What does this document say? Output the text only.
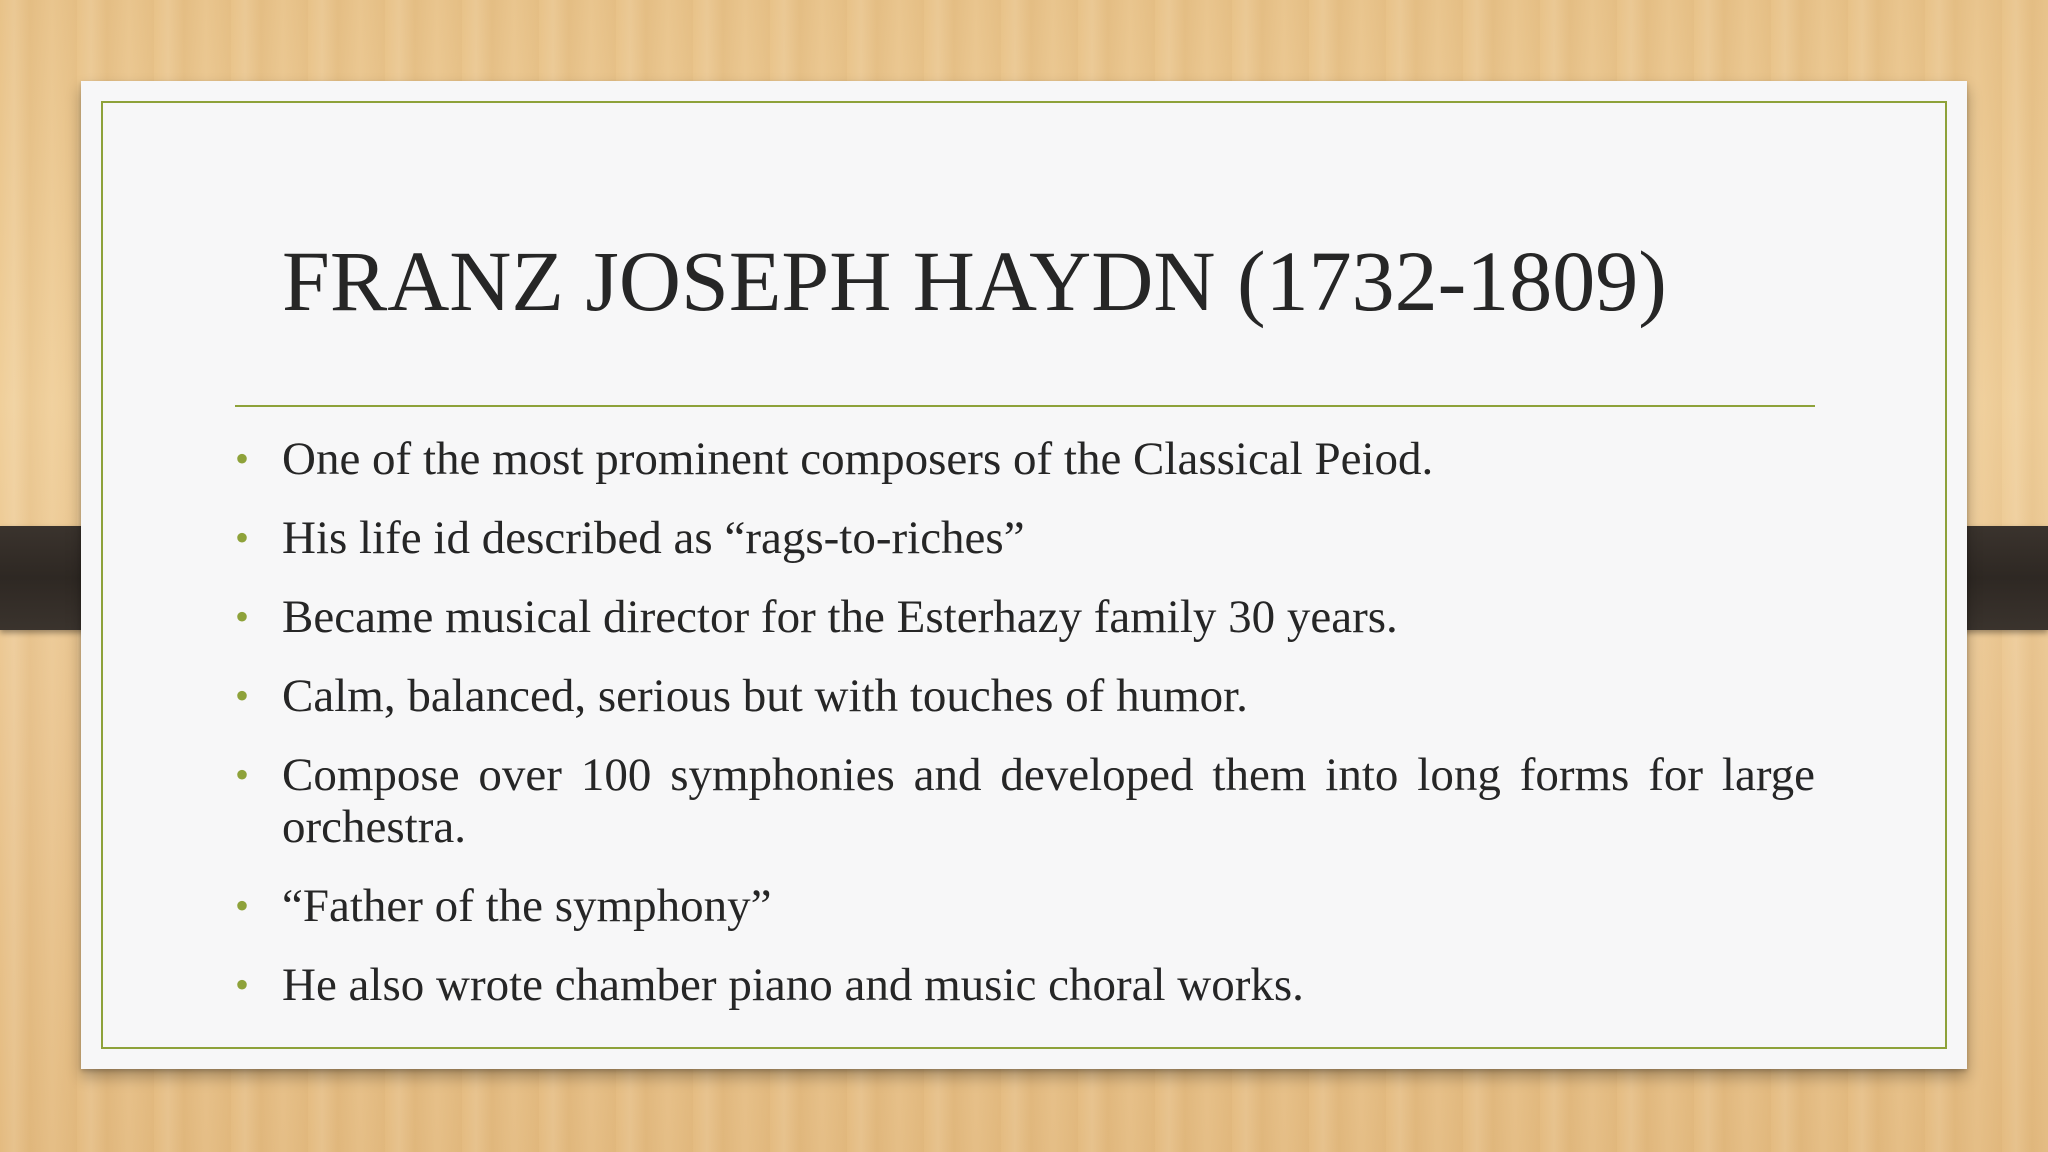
FRANZ JOSEPH HAYDN (1732-1809)
• One of the most prominent composers of the Classical Peiod.
• His life id described as “rags-to-riches”
• Became musical director for the Esterhazy family 30 years.
• Calm, balanced, serious but with touches of humor.
• Compose over 100 symphonies and developed them into long forms for large orchestra.
• “Father of the symphony”
• He also wrote chamber piano and music choral works.
